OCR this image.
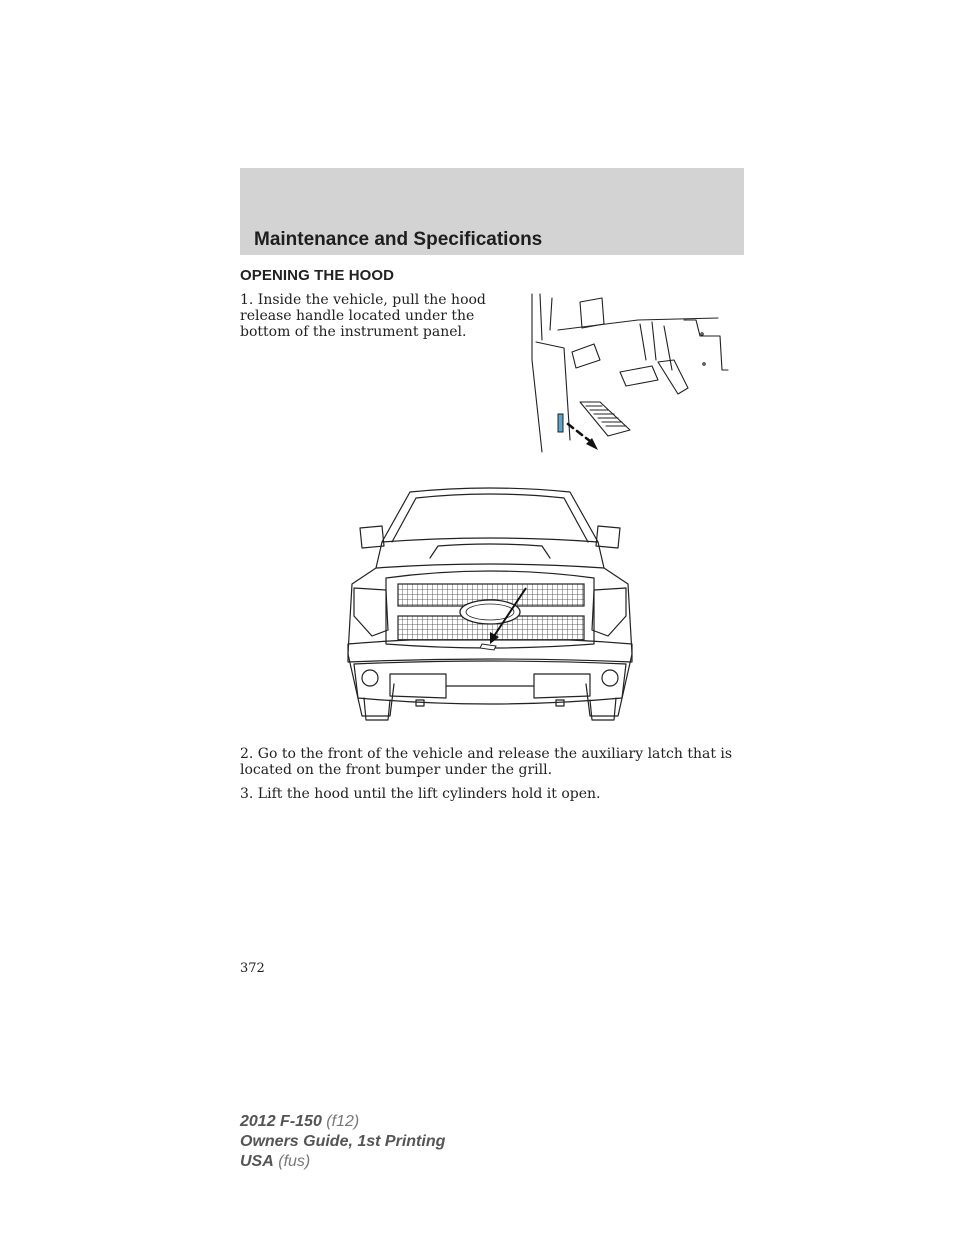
Maintenance and Specifications
OPENING THE HOOD

1. Inside the vehicle, pull the hood release handle located under the bottom of the instrument panel.

2. Go to the front of the vehicle and release the auxiliary latch that is located on the front bumper under the grill.

3. Lift the hood until the lift cylinders hold it open.

372

2012 F-150 (f12)
Owners Guide, 1st Printing
USA (fus)
